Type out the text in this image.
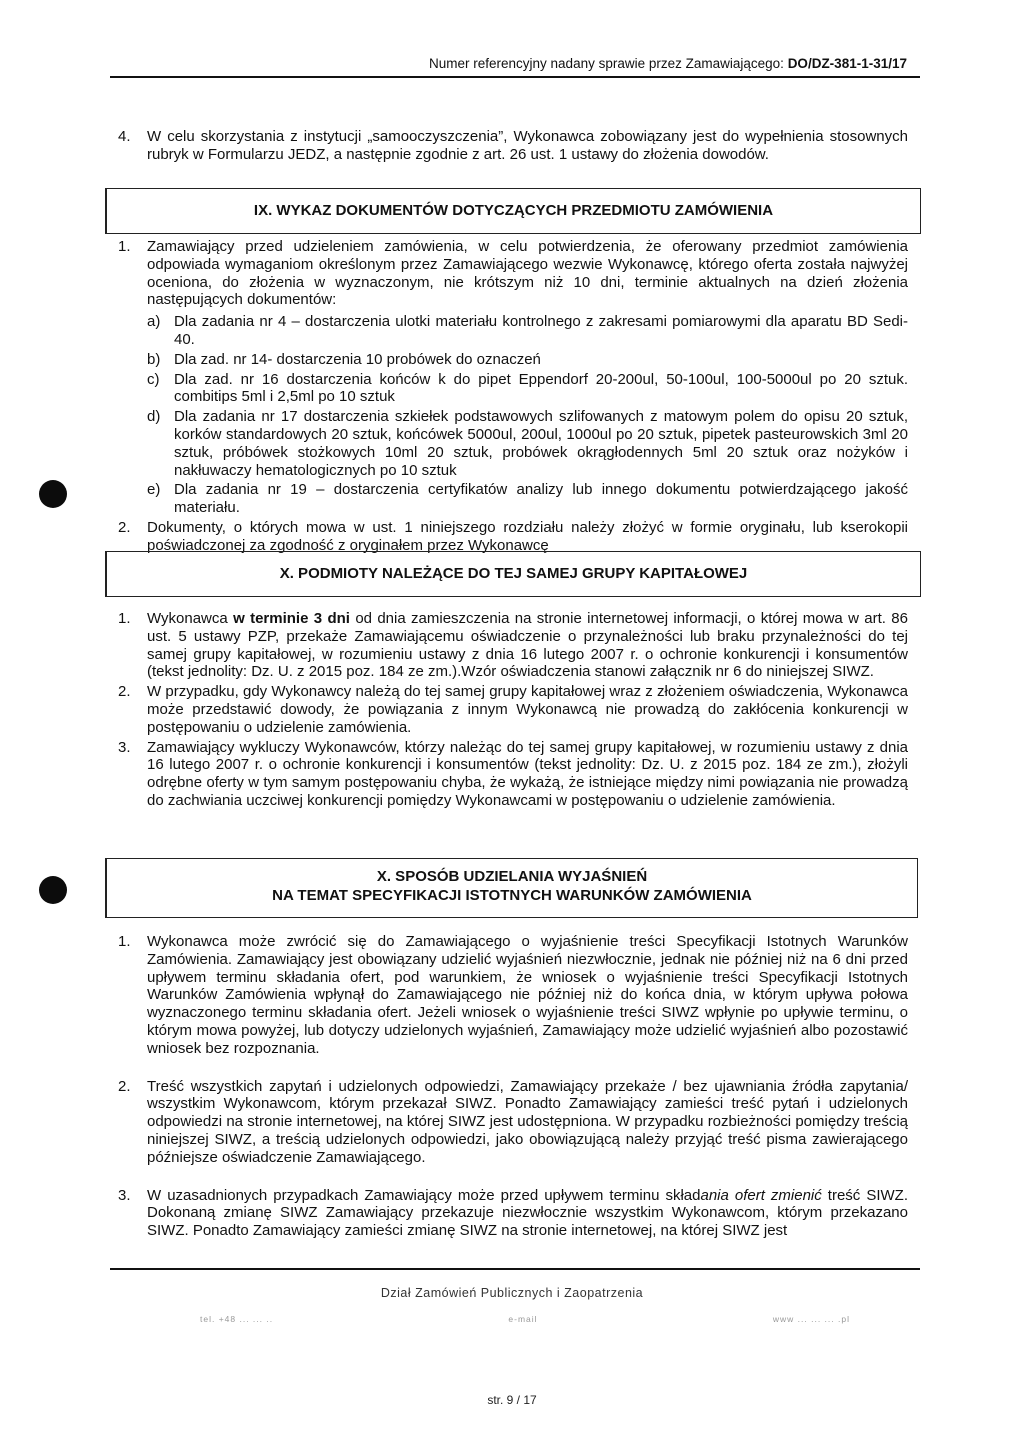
Numer referencyjny nadany sprawie przez Zamawiającego: DO/DZ-381-1-31/17
4. W celu skorzystania z instytucji „samooczyszczenia”, Wykonawca zobowiązany jest do wypełnienia stosownych rubryk w Formularzu JEDZ, a następnie zgodnie z art. 26 ust. 1 ustawy do złożenia dowodów.
IX. WYKAZ DOKUMENTÓW DOTYCZĄCYCH PRZEDMIOTU ZAMÓWIENIA
1. Zamawiający przed udzieleniem zamówienia, w celu potwierdzenia, że oferowany przedmiot zamówienia odpowiada wymaganiom określonym przez Zamawiającego wezwie Wykonawcę, którego oferta została najwyżej oceniona, do złożenia w wyznaczonym, nie krótszym niż 10 dni, terminie aktualnych na dzień złożenia następujących dokumentów:
a) Dla zadania nr 4 – dostarczenia ulotki materiału kontrolnego z zakresami pomiarowymi dla aparatu BD Sedi-40.
b) Dla zad. nr 14- dostarczenia 10 probówek do oznaczeń
c) Dla zad. nr 16 dostarczenia końców k do pipet Eppendorf 20-200ul, 50-100ul, 100-5000ul po 20 sztuk. combitips 5ml i 2,5ml po 10 sztuk
d) Dla zadania nr 17 dostarczenia szkiełek podstawowych szlifowanych z matowym polem do opisu 20 sztuk, korków standardowych 20 sztuk, końcówek 5000ul, 200ul, 1000ul po 20 sztuk, pipetek pasteurowskich 3ml 20 sztuk, próbówek stożkowych 10ml 20 sztuk, probówek okrągłodennych 5ml 20 sztuk oraz nożyków i nakłuwaczy hematologicznych po 10 sztuk
e) Dla zadania nr 19 – dostarczenia certyfikatów analizy lub innego dokumentu potwierdzającego jakość materiału.
2. Dokumenty, o których mowa w ust. 1 niniejszego rozdziału należy złożyć w formie oryginału, lub kserokopii poświadczonej za zgodność z oryginałem przez Wykonawcę
X. PODMIOTY NALEŻĄCE DO TEJ SAMEJ GRUPY KAPITAŁOWEJ
1. Wykonawca w terminie 3 dni od dnia zamieszczenia na stronie internetowej informacji, o której mowa w art. 86 ust. 5 ustawy PZP, przekaże Zamawiającemu oświadczenie o przynależności lub braku przynależności do tej samej grupy kapitałowej, w rozumieniu ustawy z dnia 16 lutego 2007 r. o ochronie konkurencji i konsumentów (tekst jednolity: Dz. U. z 2015 poz. 184 ze zm.).Wzór oświadczenia stanowi załącznik nr 6 do niniejszej SIWZ.
2. W przypadku, gdy Wykonawcy należą do tej samej grupy kapitałowej wraz z złożeniem oświadczenia, Wykonawca może przedstawić dowody, że powiązania z innym Wykonawcą nie prowadzą do zakłócenia konkurencji w postępowaniu o udzielenie zamówienia.
3. Zamawiający wykluczy Wykonawców, którzy należąc do tej samej grupy kapitałowej, w rozumieniu ustawy z dnia 16 lutego 2007 r. o ochronie konkurencji i konsumentów (tekst jednolity: Dz. U. z 2015 poz. 184 ze zm.), złożyli odrębne oferty w tym samym postępowaniu chyba, że wykażą, że istniejące między nimi powiązania nie prowadzą do zachwiania uczciwej konkurencji pomiędzy Wykonawcami w postępowaniu o udzielenie zamówienia.
X. SPOSÓB UDZIELANIA WYJAŚNIEŃ
NA TEMAT SPECYFIKACJI ISTOTNYCH WARUNKÓW ZAMÓWIENIA
1. Wykonawca może zwrócić się do Zamawiającego o wyjaśnienie treści Specyfikacji Istotnych Warunków Zamówienia. Zamawiający jest obowiązany udzielić wyjaśnień niezwłocznie, jednak nie później niż na 6 dni przed upływem terminu składania ofert, pod warunkiem, że wniosek o wyjaśnienie treści Specyfikacji Istotnych Warunków Zamówienia wpłynął do Zamawiającego nie później niż do końca dnia, w którym upływa połowa wyznaczonego terminu składania ofert. Jeżeli wniosek o wyjaśnienie treści SIWZ wpłynie po upływie terminu, o którym mowa powyżej, lub dotyczy udzielonych wyjaśnień, Zamawiający może udzielić wyjaśnień albo pozostawić wniosek bez rozpoznania.
2. Treść wszystkich zapytań i udzielonych odpowiedzi, Zamawiający przekaże / bez ujawniania źródła zapytania/ wszystkim Wykonawcom, którym przekazał SIWZ. Ponadto Zamawiający zamieści treść pytań i udzielonych odpowiedzi na stronie internetowej, na której SIWZ jest udostępniona. W przypadku rozbieżności pomiędzy treścią niniejszej SIWZ, a treścią udzielonych odpowiedzi, jako obowiązującą należy przyjąć treść pisma zawierającego późniejsze oświadczenie Zamawiającego.
3. W uzasadnionych przypadkach Zamawiający może przed upływem terminu składania ofert zmienić treść SIWZ. Dokonaną zmianę SIWZ Zamawiający przekazuje niezwłocznie wszystkim Wykonawcom, którym przekazano SIWZ. Ponadto Zamawiający zamieści zmianę SIWZ na stronie internetowej, na której SIWZ jest
Dział Zamówień Publicznych i Zaopatrzenia
tel. +48 ... ... ..	e-mail	www ... ... ... .pl
str. 9 / 17
